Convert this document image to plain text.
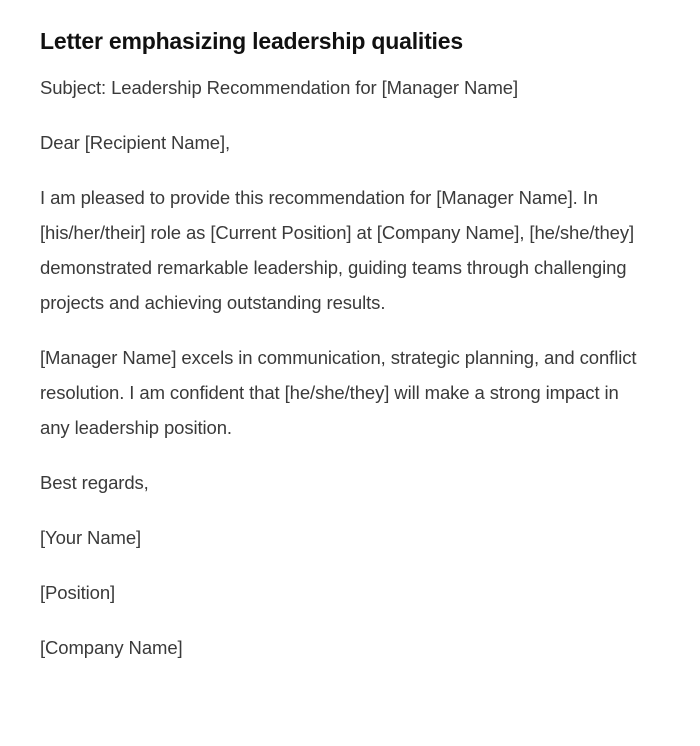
Letter emphasizing leadership qualities

Subject: Leadership Recommendation for [Manager Name]

Dear [Recipient Name],

I am pleased to provide this recommendation for [Manager Name]. In [his/her/their] role as [Current Position] at [Company Name], [he/she/they] demonstrated remarkable leadership, guiding teams through challenging projects and achieving outstanding results.

[Manager Name] excels in communication, strategic planning, and conflict resolution. I am confident that [he/she/they] will make a strong impact in any leadership position.

Best regards,

[Your Name]

[Position]

[Company Name]
